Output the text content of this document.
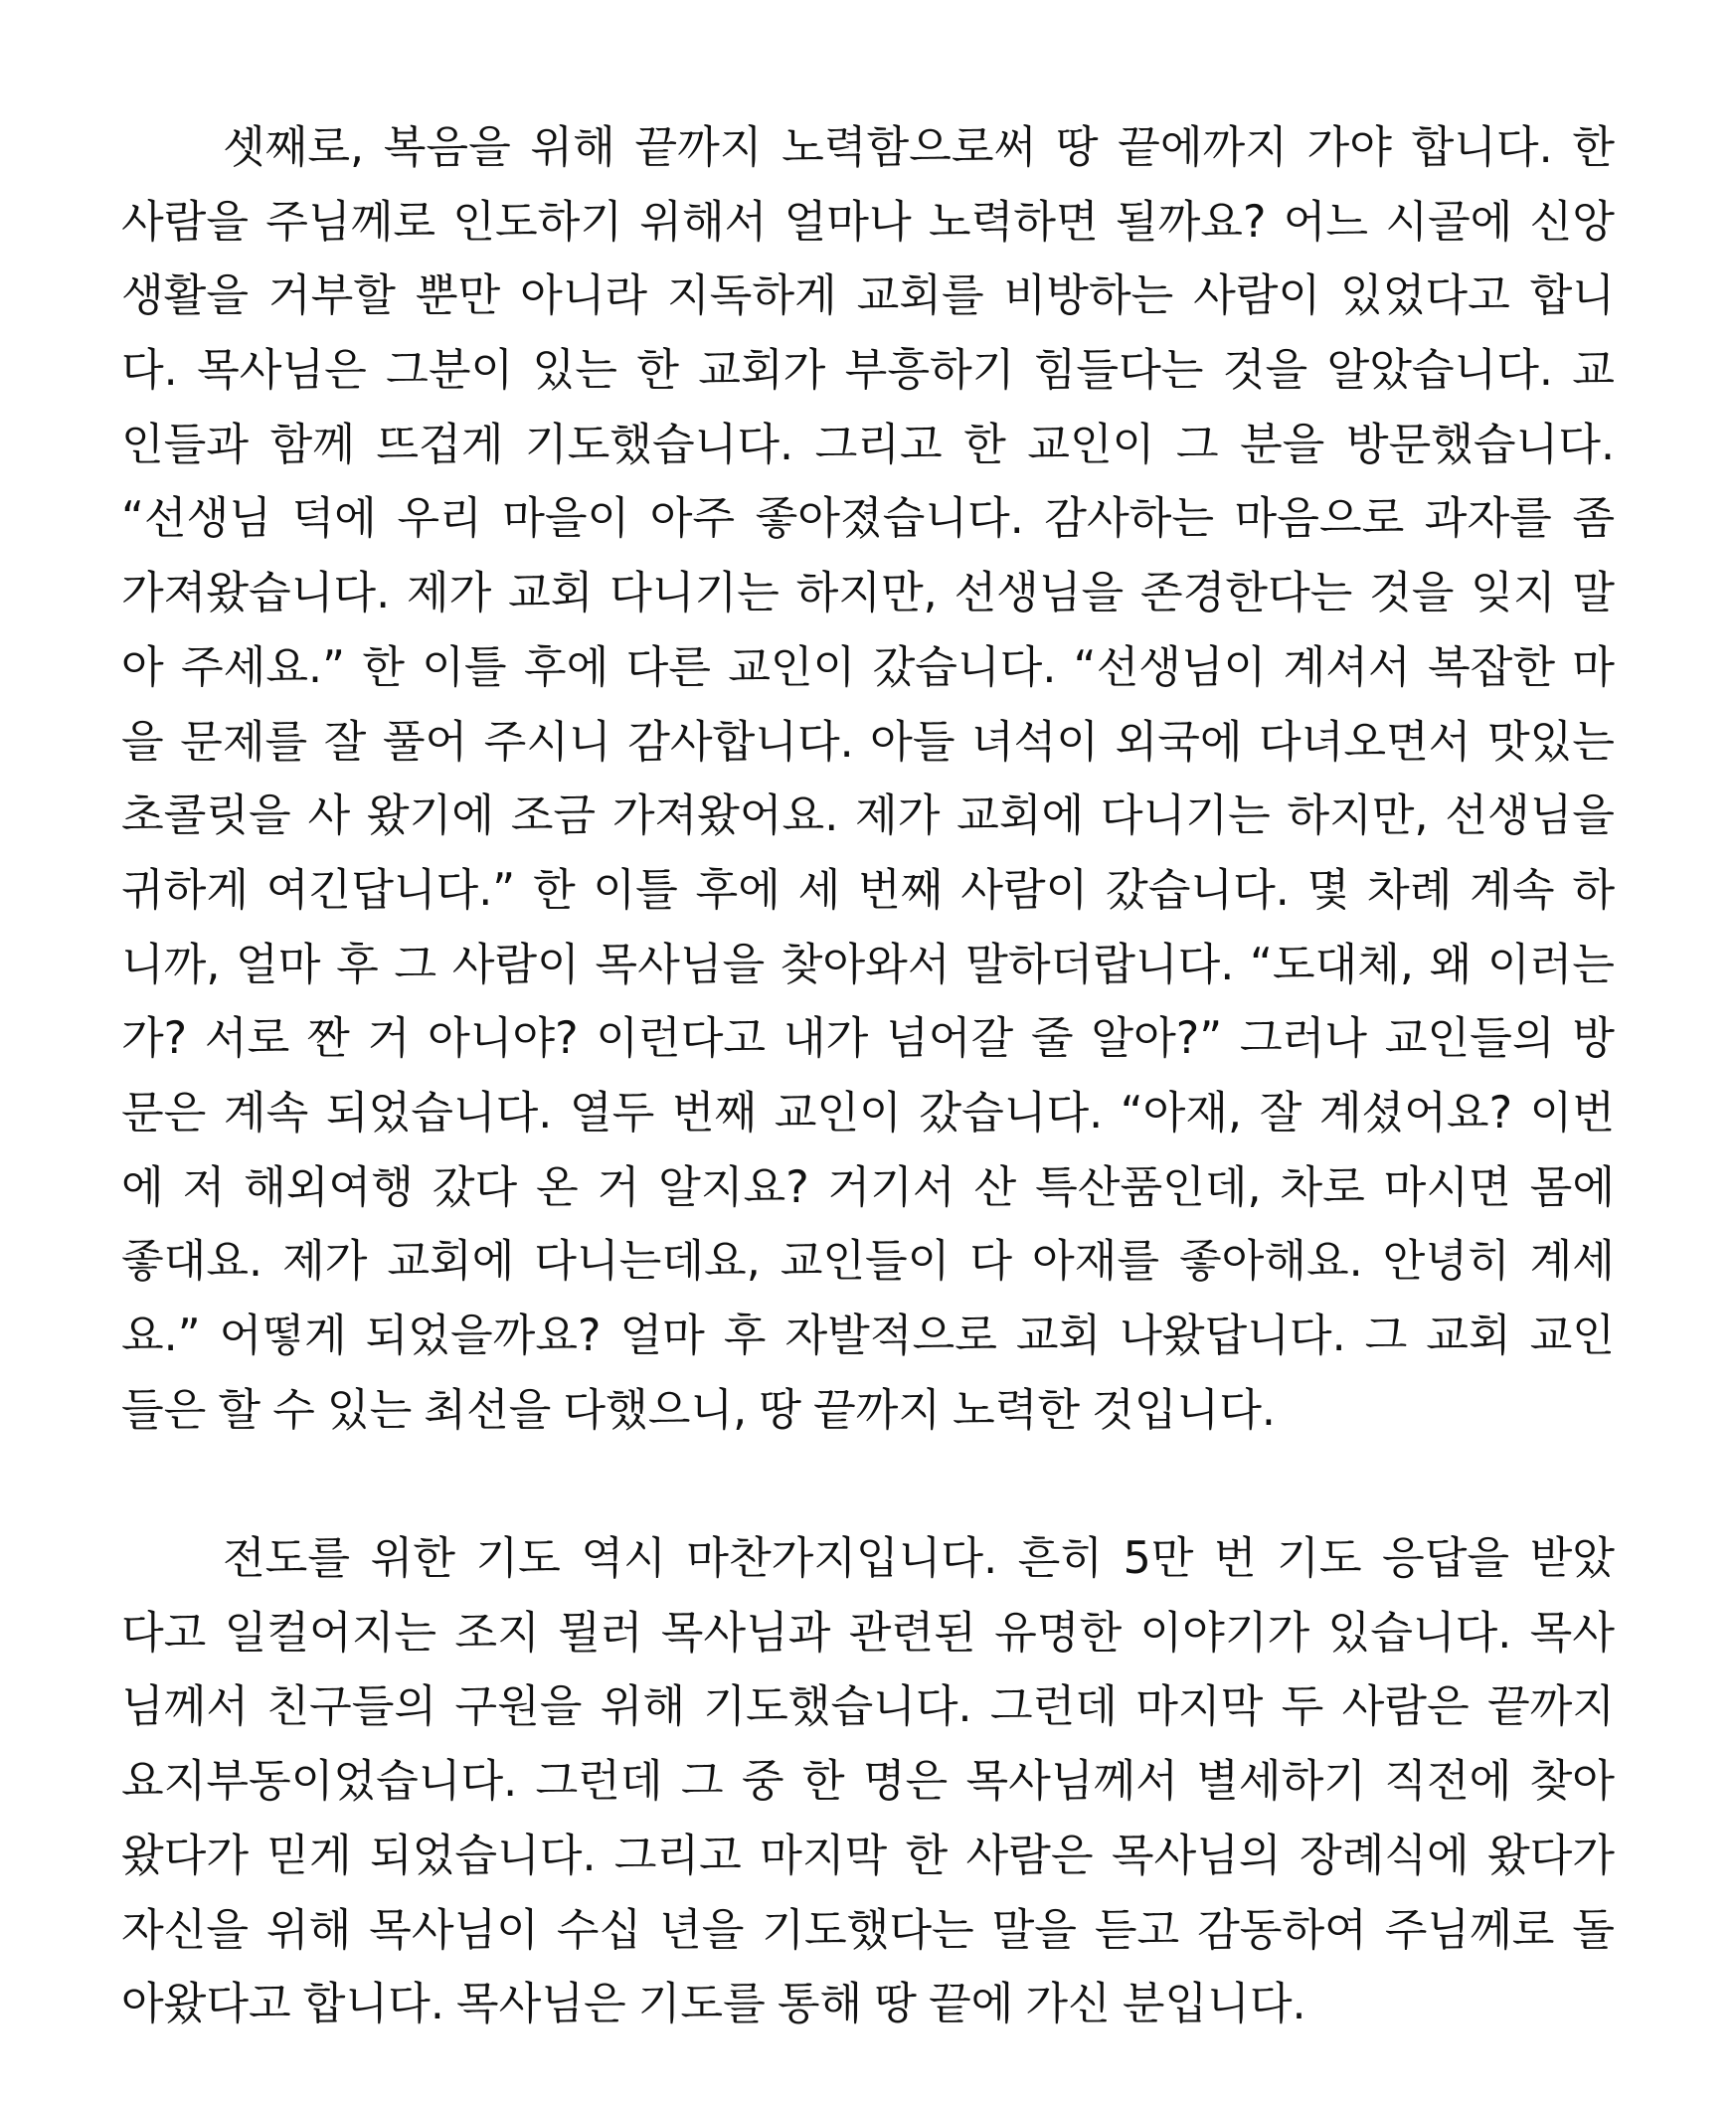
셋째로, 복음을 위해 끝까지 노력함으로써 땅 끝에까지 가야 합니다. 한
사람을 주님께로 인도하기 위해서 얼마나 노력하면 될까요? 어느 시골에 신앙
생활을 거부할 뿐만 아니라 지독하게 교회를 비방하는 사람이 있었다고 합니
다. 목사님은 그분이 있는 한 교회가 부흥하기 힘들다는 것을 알았습니다. 교
인들과 함께 뜨겁게 기도했습니다. 그리고 한 교인이 그 분을 방문했습니다.
“선생님 덕에 우리 마을이 아주 좋아졌습니다. 감사하는 마음으로 과자를 좀
가져왔습니다. 제가 교회 다니기는 하지만, 선생님을 존경한다는 것을 잊지 말
아 주세요.” 한 이틀 후에 다른 교인이 갔습니다. “선생님이 계셔서 복잡한 마
을 문제를 잘 풀어 주시니 감사합니다. 아들 녀석이 외국에 다녀오면서 맛있는
초콜릿을 사 왔기에 조금 가져왔어요. 제가 교회에 다니기는 하지만, 선생님을
귀하게 여긴답니다.” 한 이틀 후에 세 번째 사람이 갔습니다. 몇 차례 계속 하
니까, 얼마 후 그 사람이 목사님을 찾아와서 말하더랍니다. “도대체, 왜 이러는
가? 서로 짠 거 아니야? 이런다고 내가 넘어갈 줄 알아?” 그러나 교인들의 방
문은 계속 되었습니다. 열두 번째 교인이 갔습니다. “아재, 잘 계셨어요? 이번
에 저 해외여행 갔다 온 거 알지요? 거기서 산 특산품인데, 차로 마시면 몸에
좋대요. 제가 교회에 다니는데요, 교인들이 다 아재를 좋아해요. 안녕히 계세
요.” 어떻게 되었을까요? 얼마 후 자발적으로 교회 나왔답니다. 그 교회 교인
들은 할 수 있는 최선을 다했으니, 땅 끝까지 노력한 것입니다.
전도를 위한 기도 역시 마찬가지입니다. 흔히 5만 번 기도 응답을 받았
다고 일컬어지는 조지 뮐러 목사님과 관련된 유명한 이야기가 있습니다. 목사
님께서 친구들의 구원을 위해 기도했습니다. 그런데 마지막 두 사람은 끝까지
요지부동이었습니다. 그런데 그 중 한 명은 목사님께서 별세하기 직전에 찾아
왔다가 믿게 되었습니다. 그리고 마지막 한 사람은 목사님의 장례식에 왔다가
자신을 위해 목사님이 수십 년을 기도했다는 말을 듣고 감동하여 주님께로 돌
아왔다고 합니다. 목사님은 기도를 통해 땅 끝에 가신 분입니다.
